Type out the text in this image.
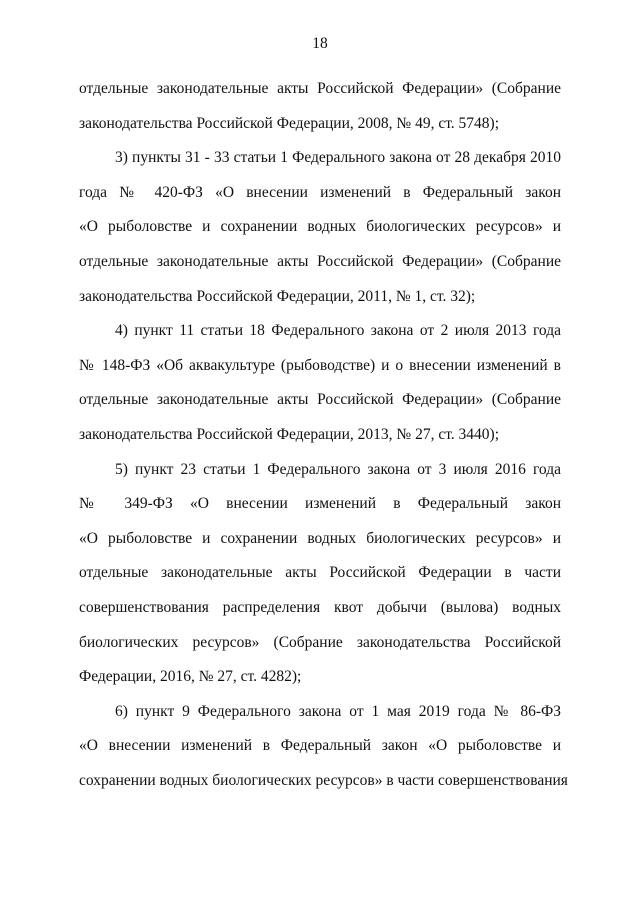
18
отдельные законодательные акты Российской Федерации» (Собрание
законодательства Российской Федерации, 2008, № 49, ст. 5748);
3) пункты 31 - 33 статьи 1 Федерального закона от 28 декабря 2010
года № 420-ФЗ «О внесении изменений в Федеральный закон
«О рыболовстве и сохранении водных биологических ресурсов» и
отдельные законодательные акты Российской Федерации» (Собрание
законодательства Российской Федерации, 2011, № 1, ст. 32);
4) пункт 11 статьи 18 Федерального закона от 2 июля 2013 года
№ 148-ФЗ «Об аквакультуре (рыбоводстве) и о внесении изменений в
отдельные законодательные акты Российской Федерации» (Собрание
законодательства Российской Федерации, 2013, № 27, ст. 3440);
5) пункт 23 статьи 1 Федерального закона от 3 июля 2016 года
№ 349-ФЗ «О внесении изменений в Федеральный закон
«О рыболовстве и сохранении водных биологических ресурсов» и
отдельные законодательные акты Российской Федерации в части
совершенствования распределения квот добычи (вылова) водных
биологических ресурсов» (Собрание законодательства Российской
Федерации, 2016, № 27, ст. 4282);
6) пункт 9 Федерального закона от 1 мая 2019 года № 86-ФЗ
«О внесении изменений в Федеральный закон «О рыболовстве и
сохранении водных биологических ресурсов» в части совершенствования
